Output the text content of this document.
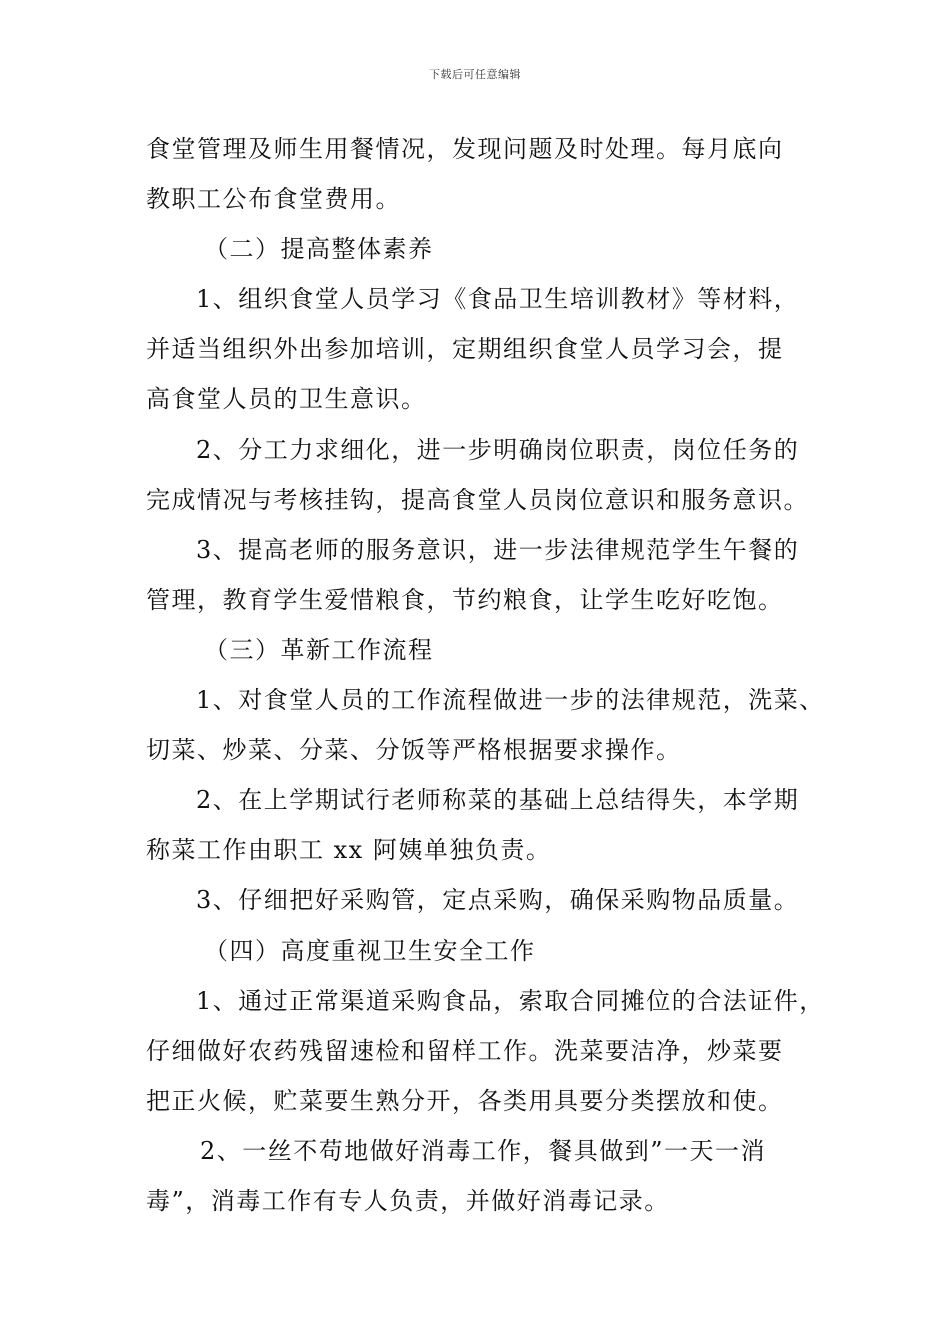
下载后可任意编辑
食堂管理及师生用餐情况，发现问题及时处理。每月底向
教职工公布食堂费用。
（二）提高整体素养
1、组织食堂人员学习《食品卫生培训教材》等材料，
并适当组织外出参加培训，定期组织食堂人员学习会，提
高食堂人员的卫生意识。
2、分工力求细化，进一步明确岗位职责，岗位任务的
完成情况与考核挂钩，提高食堂人员岗位意识和服务意识。
3、提高老师的服务意识，进一步法律规范学生午餐的
管理，教育学生爱惜粮食，节约粮食，让学生吃好吃饱。
（三）革新工作流程
1、对食堂人员的工作流程做进一步的法律规范，洗菜、
切菜、炒菜、分菜、分饭等严格根据要求操作。
2、在上学期试行老师称菜的基础上总结得失，本学期
称菜工作由职工 xx 阿姨单独负责。
3、仔细把好采购管，定点采购，确保采购物品质量。
（四）高度重视卫生安全工作
1、通过正常渠道采购食品，索取合同摊位的合法证件，
仔细做好农药残留速检和留样工作。洗菜要洁净，炒菜要
把正火候，贮菜要生熟分开，各类用具要分类摆放和使。
2、一丝不苟地做好消毒工作，餐具做到”一天一消
毒”，消毒工作有专人负责，并做好消毒记录。
